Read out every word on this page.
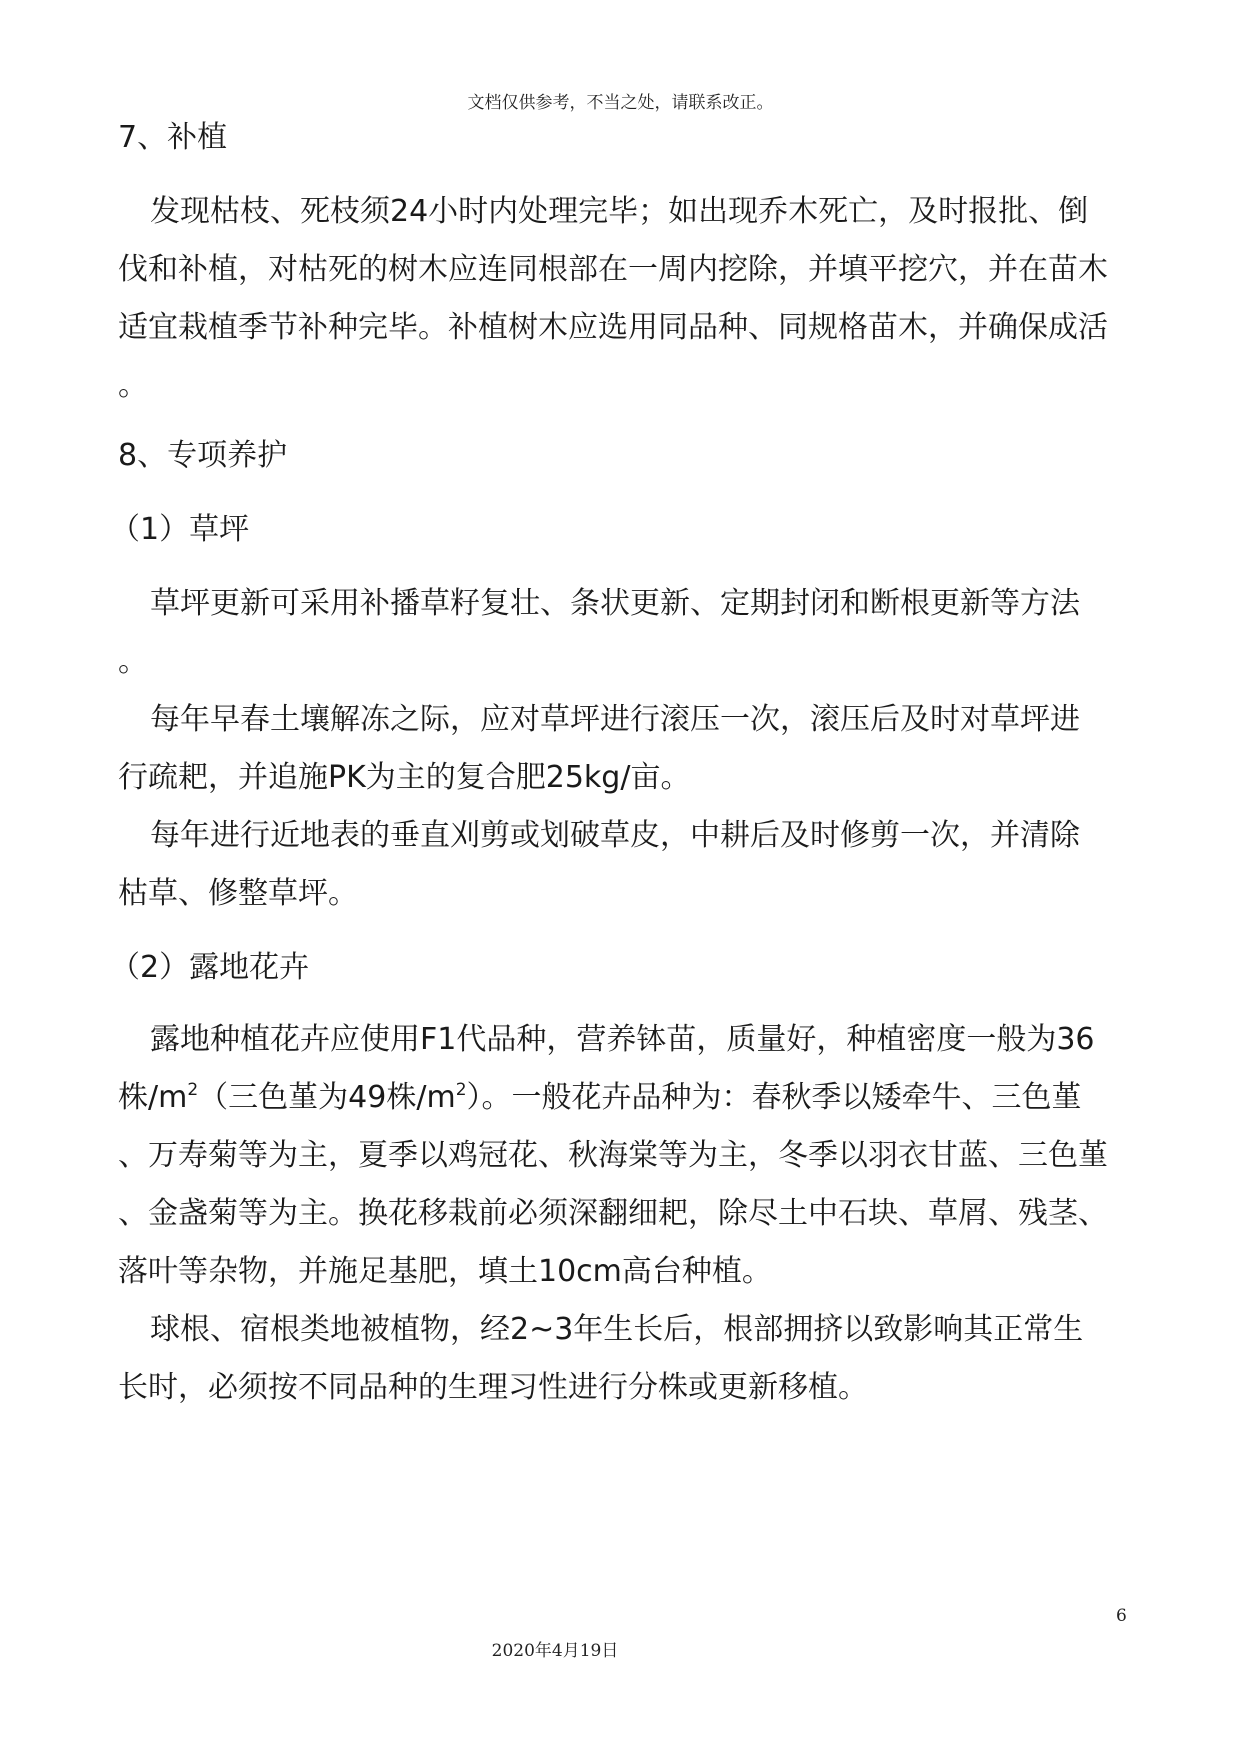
文档仅供参考，不当之处，请联系改正。
7、补植
发现枯枝、死枝须24小时内处理完毕；如出现乔木死亡，及时报批、倒
伐和补植，对枯死的树木应连同根部在一周内挖除，并填平挖穴，并在苗木
适宜栽植季节补种完毕。补植树木应选用同品种、同规格苗木，并确保成活
。
8、专项养护
（1）草坪
草坪更新可采用补播草籽复壮、条状更新、定期封闭和断根更新等方法
。
每年早春土壤解冻之际，应对草坪进行滚压一次，滚压后及时对草坪进
行疏耙，并追施PK为主的复合肥25kg/亩。
每年进行近地表的垂直刈剪或划破草皮，中耕后及时修剪一次，并清除
枯草、修整草坪。
（2）露地花卉
露地种植花卉应使用F1代品种，营养钵苗，质量好，种植密度一般为36
株$/m^2$（三色堇为49株$/m^2$）。一般花卉品种为：春秋季以矮牵牛、三色堇
、万寿菊等为主，夏季以鸡冠花、秋海棠等为主，冬季以羽衣甘蓝、三色堇
、金盏菊等为主。换花移栽前必须深翻细耙，除尽土中石块、草屑、残茎、
落叶等杂物，并施足基肥，填土10cm高台种植。
球根、宿根类地被植物，经2~3年生长后，根部拥挤以致影响其正常生
长时，必须按不同品种的生理习性进行分株或更新移植。
6
2020年4月19日
